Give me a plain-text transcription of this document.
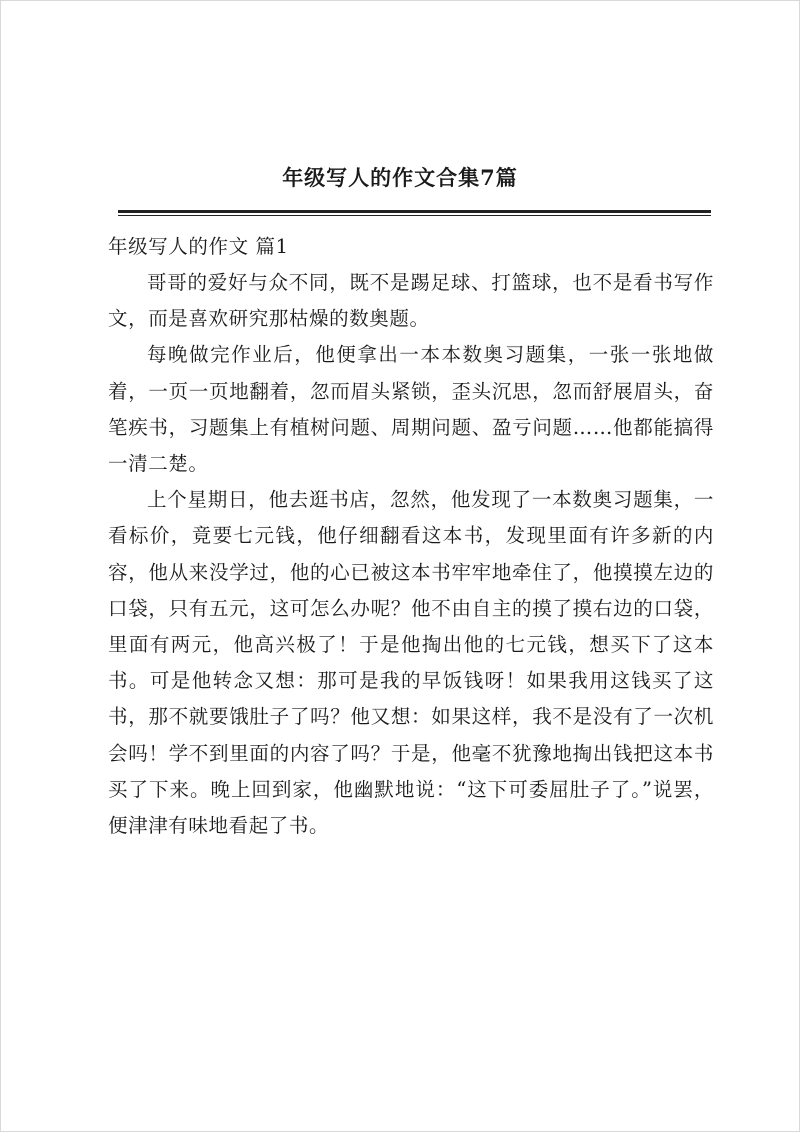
年级写人的作文合集7篇

年级写人的作文 篇1

哥哥的爱好与众不同，既不是踢足球、打篮球，也不是看书写作文，而是喜欢研究那枯燥的数奥题。

每晚做完作业后，他便拿出一本本数奥习题集，一张一张地做着，一页一页地翻着，忽而眉头紧锁，歪头沉思，忽而舒展眉头，奋笔疾书，习题集上有植树问题、周期问题、盈亏问题……他都能搞得一清二楚。

上个星期日，他去逛书店，忽然，他发现了一本数奥习题集，一看标价，竟要七元钱，他仔细翻看这本书，发现里面有许多新的内容，他从来没学过，他的心已被这本书牢牢地牵住了，他摸摸左边的口袋，只有五元，这可怎么办呢？他不由自主的摸了摸右边的口袋，里面有两元，他高兴极了！于是他掏出他的七元钱，想买下了这本书。可是他转念又想：那可是我的早饭钱呀！如果我用这钱买了这书，那不就要饿肚子了吗？他又想：如果这样，我不是没有了一次机会吗！学不到里面的内容了吗？于是，他毫不犹豫地掏出钱把这本书买了下来。晚上回到家，他幽默地说：“这下可委屈肚子了。”说罢，便津津有味地看起了书。
